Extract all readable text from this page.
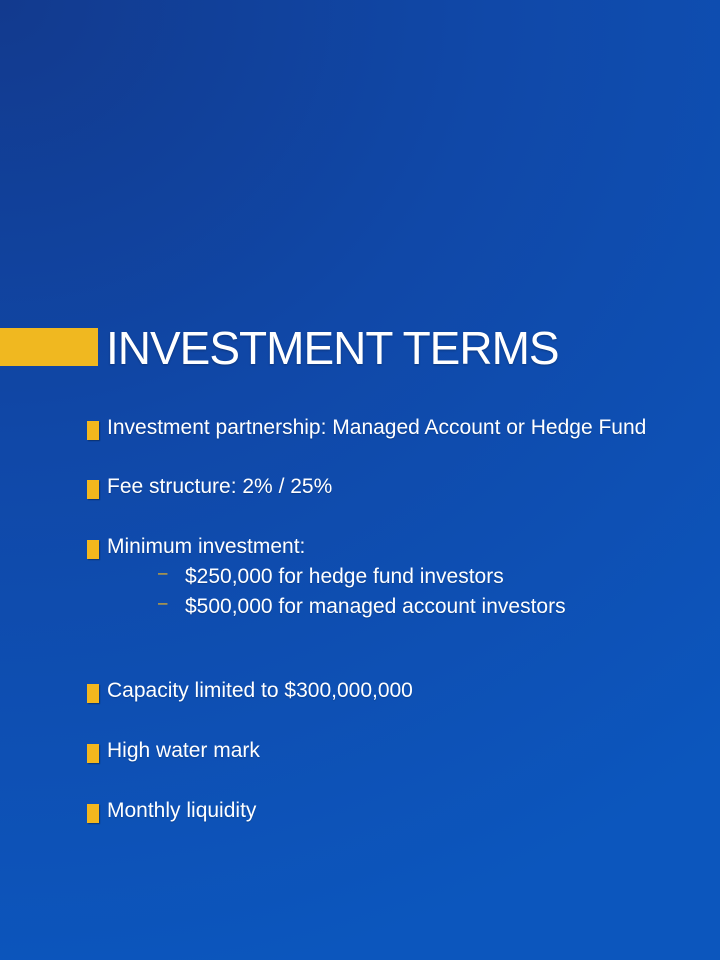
INVESTMENT TERMS
Investment partnership: Managed Account or Hedge Fund
Fee structure: 2% / 25%
Minimum investment:
– $250,000 for hedge fund investors
– $500,000 for managed account investors
Capacity limited to $300,000,000
High water mark
Monthly liquidity
